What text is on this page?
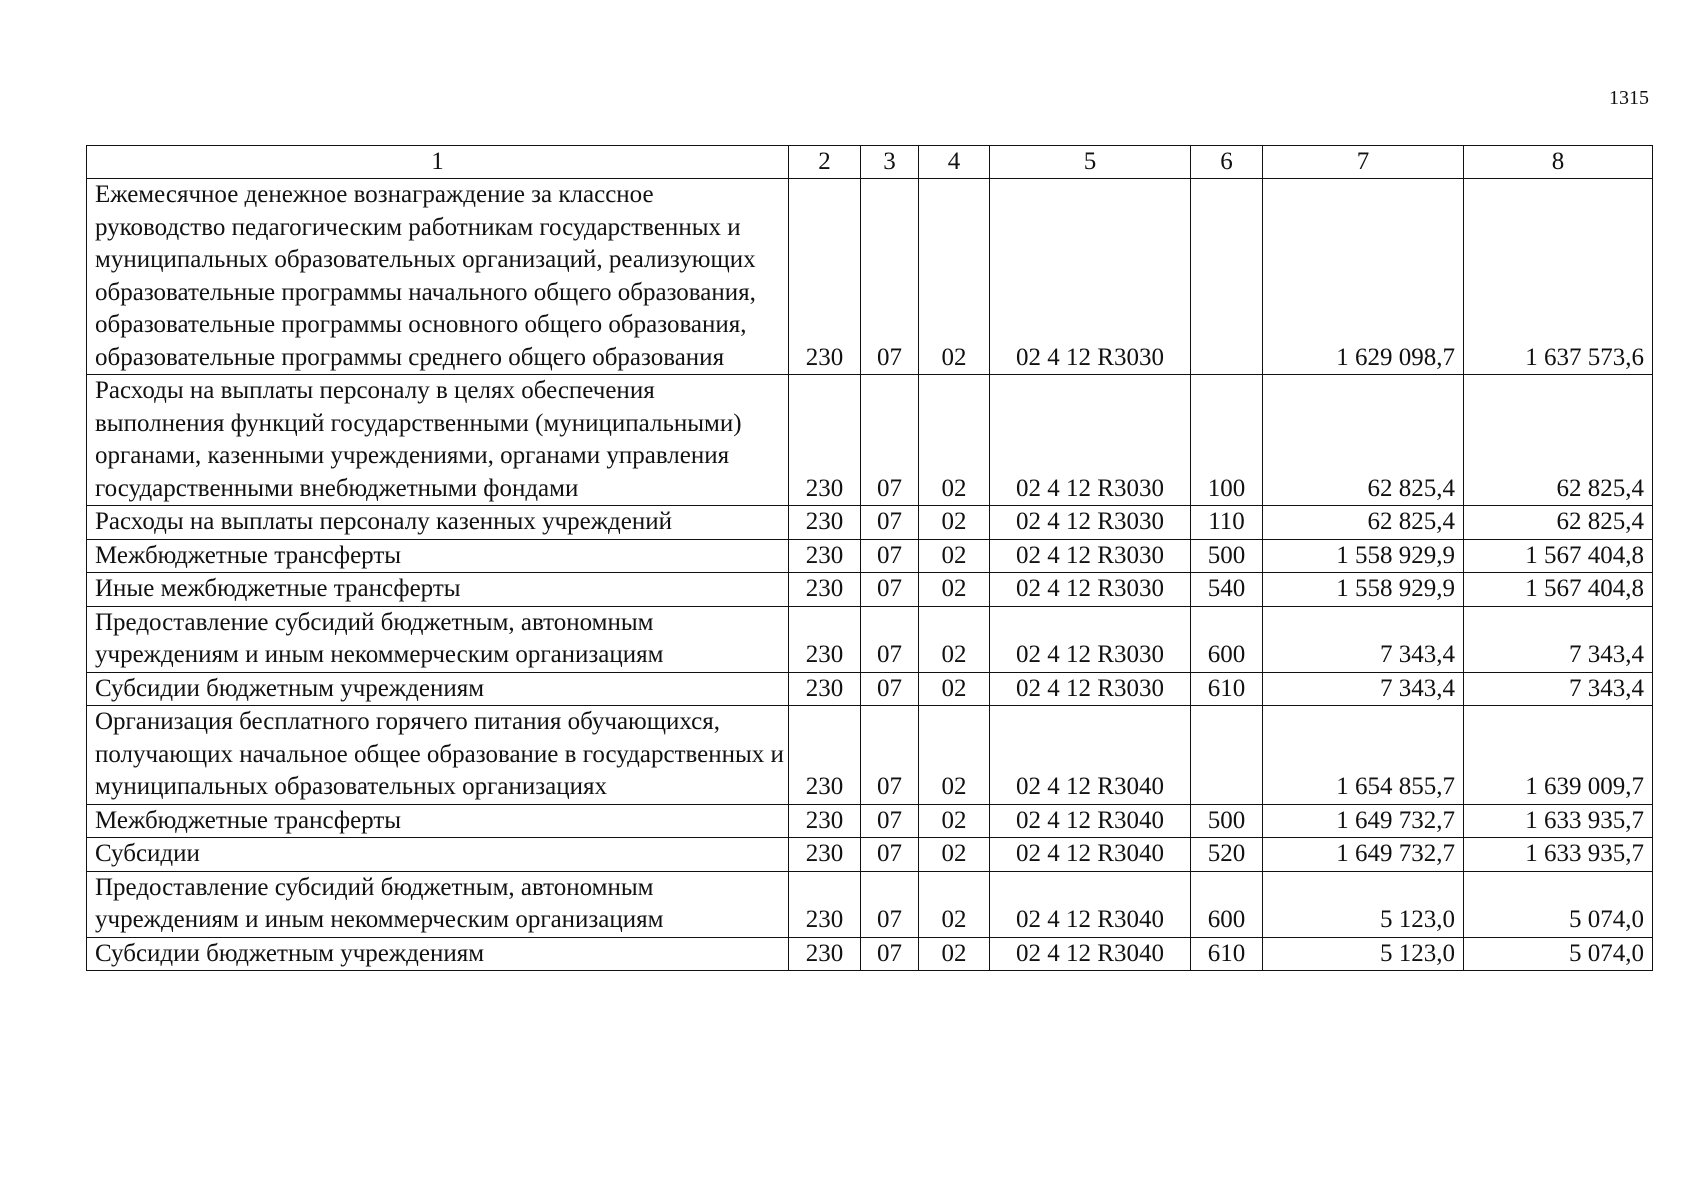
1315
1	2	3	4	5	6	7	8
Ежемесячное денежное вознаграждение за классное руководство педагогическим работникам государственных и муниципальных образовательных организаций, реализующих образовательные программы начального общего образования, образовательные программы основного общего образования, образовательные программы среднего общего образования	230	07	02	02 4 12 R3030		1 629 098,7	1 637 573,6
Расходы на выплаты персоналу в целях обеспечения выполнения функций государственными (муниципальными) органами, казенными учреждениями, органами управления государственными внебюджетными фондами	230	07	02	02 4 12 R3030	100	62 825,4	62 825,4
Расходы на выплаты персоналу казенных учреждений	230	07	02	02 4 12 R3030	110	62 825,4	62 825,4
Межбюджетные трансферты	230	07	02	02 4 12 R3030	500	1 558 929,9	1 567 404,8
Иные межбюджетные трансферты	230	07	02	02 4 12 R3030	540	1 558 929,9	1 567 404,8
Предоставление субсидий бюджетным, автономным учреждениям и иным некоммерческим организациям	230	07	02	02 4 12 R3030	600	7 343,4	7 343,4
Субсидии бюджетным учреждениям	230	07	02	02 4 12 R3030	610	7 343,4	7 343,4
Организация бесплатного горячего питания обучающихся, получающих начальное общее образование в государственных и муниципальных образовательных организациях	230	07	02	02 4 12 R3040		1 654 855,7	1 639 009,7
Межбюджетные трансферты	230	07	02	02 4 12 R3040	500	1 649 732,7	1 633 935,7
Субсидии	230	07	02	02 4 12 R3040	520	1 649 732,7	1 633 935,7
Предоставление субсидий бюджетным, автономным учреждениям и иным некоммерческим организациям	230	07	02	02 4 12 R3040	600	5 123,0	5 074,0
Субсидии бюджетным учреждениям	230	07	02	02 4 12 R3040	610	5 123,0	5 074,0
